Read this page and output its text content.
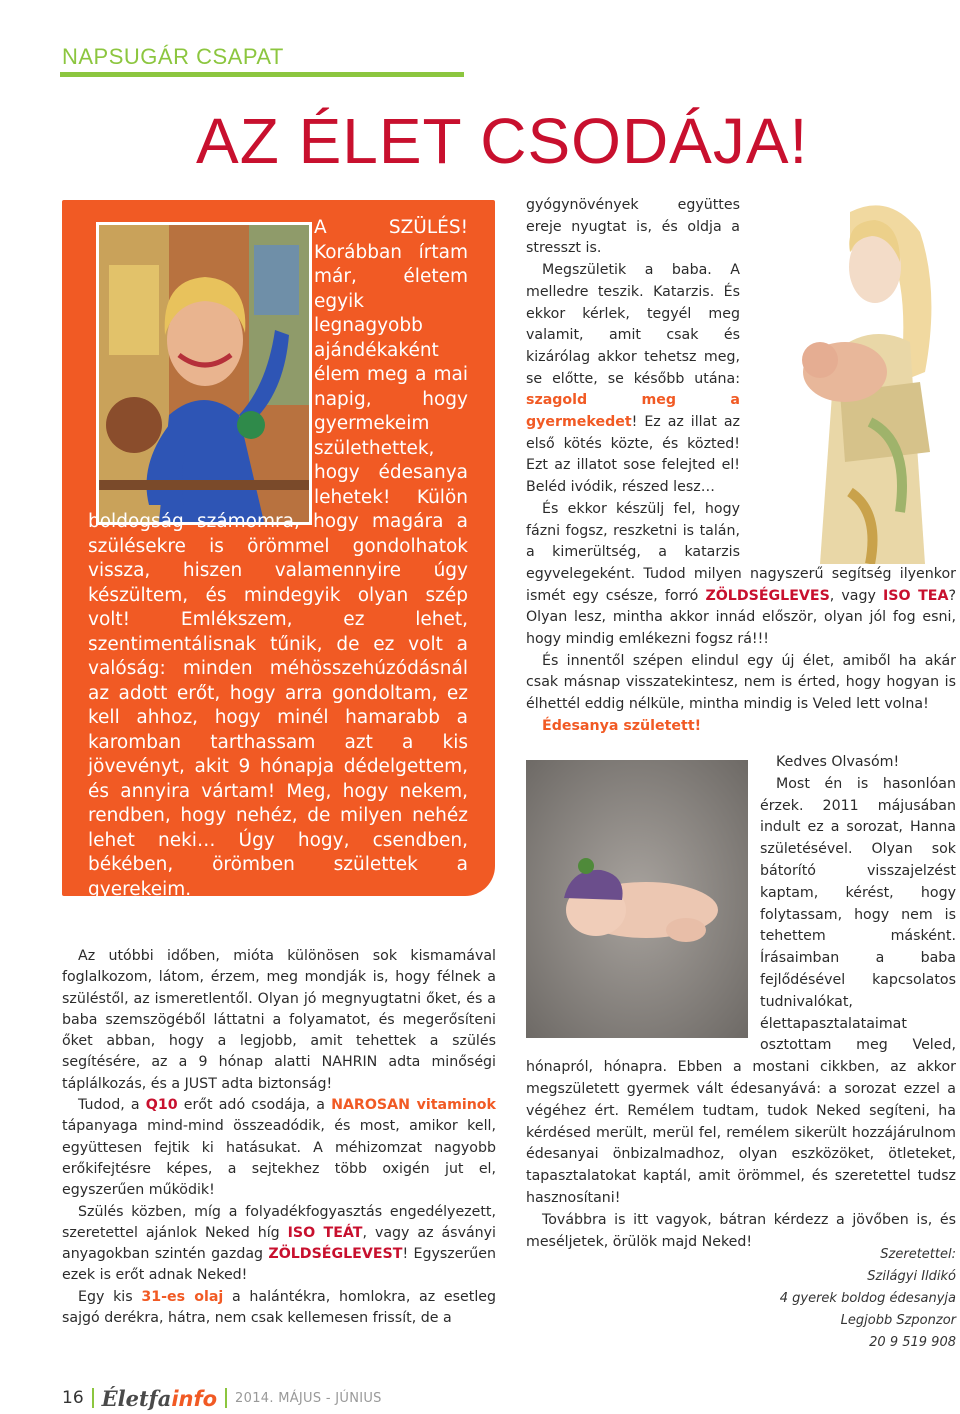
NAPSUGÁR CSAPAT
AZ ÉLET CSODÁJA!
A SZÜLÉS! Korábban írtam már, életem egyik legnagyobb ajándékaként élem meg a mai napig, hogy gyermekeim születhettek, hogy édesanya lehetek! Külön boldogság számomra, hogy magára a szülésekre is örömmel gondolhatok vissza, hiszen valamennyire úgy készültem, és mindegyik olyan szép volt! Emlékszem, ez lehet, szentimentálisnak tűnik, de ez volt a valóság: minden méhösszehúzódásnál az adott erőt, hogy arra gondoltam, ez kell ahhoz, hogy minél hamarabb a karomban tarthassam azt a kis jövevényt, akit 9 hónapja dédelgettem, és annyira vártam! Meg, hogy nekem, rendben, hogy nehéz, de milyen nehéz lehet neki… Úgy hogy, csendben, békében, örömben születtek a gyerekeim.

Az utóbbi időben, mióta különösen sok kismamával foglalkozom, látom, érzem, meg mondják is, hogy félnek a szüléstől, az ismeretlentől. Olyan jó megnyugtatni őket, és a baba szemszögéből láttatni a folyamatot, és megerősíteni őket abban, hogy a legjobb, amit tehettek a szülés segítésére, az a 9 hónap alatti NAHRIN adta minőségi táplálkozás, és a JUST adta biztonság!

Tudod, a Q10 erőt adó csodája, a NAROSAN vitaminok tápanyaga mind-mind összeadódik, és most, amikor kell, együttesen fejtik ki hatásukat. A méhizomzat nagyobb erőkifejtésre képes, a sejtekhez több oxigén jut el, egyszerűen működik!

Szülés közben, míg a folyadékfogyasztás engedélyezett, szeretettel ajánlok Neked híg ISO TEÁT, vagy az ásványi anyagokban szintén gazdag ZÖLDSÉGLEVEST! Egyszerűen ezek is erőt adnak Neked!

Egy kis 31-es olaj a halántékra, homlokra, az esetleg sajgó derékra, hátra, nem csak kellemesen frissít, de a

gyógynövények együttes ereje nyugtat is, és oldja a stresszt is.

Megszületik a baba. A melledre teszik. Katarzis. És ekkor kérlek, tegyél meg valamit, amit csak és kizárólag akkor tehetsz meg, se előtte, se később utána: szagold meg a gyermekedet! Ez az illat az első kötés közte, és közted! Ezt az illatot sose felejted el! Beléd ivódik, részed lesz…

És ekkor készülj fel, hogy fázni fogsz, reszketni is talán, a kimerültség, a katarzis egyvelegeként. Tudod milyen nagyszerű segítség ilyenkor ismét egy csésze, forró ZÖLDSÉGLEVES, vagy ISO TEA? Olyan lesz, mintha akkor innád először, olyan jól fog esni, hogy mindig emlékezni fogsz rá!!!

És innentől szépen elindul egy új élet, amiből ha akár csak másnap visszatekintesz, nem is érted, hogy hogyan is élhettél eddig nélküle, mintha mindig is Veled lett volna!

Édesanya született!

Kedves Olvasóm!

Most én is hasonlóan érzek. 2011 májusában indult ez a sorozat, Hanna születésével. Olyan sok bátorító visszajelzést kaptam, kérést, hogy folytassam, hogy nem is tehettem másként. Írásaimban a baba fejlődésével kapcsolatos tudnivalókat, élettapasztalataimat osztottam meg Veled, hónapról, hónapra. Ebben a mostani cikkben, az akkor megszületett gyermek vált édesanyává: a sorozat ezzel a végéhez ért. Remélem tudtam, tudok Neked segíteni, ha kérdésed merült, merül fel, remélem sikerült hozzájárulnom édesanyai önbizalmadhoz, olyan eszközöket, ötleteket, tapasztalatokat kaptál, amit örömmel, és szeretettel tudsz hasznosítani!

Továbbra is itt vagyok, bátran kérdezz a jövőben is, és meséljetek, örülök majd Neked!

Szeretettel:
Szilágyi Ildikó
4 gyerek boldog édesanyja
Legjobb Szponzor
20 9 519 908
16 Életfainfo 2014. MÁJUS - JÚNIUS
